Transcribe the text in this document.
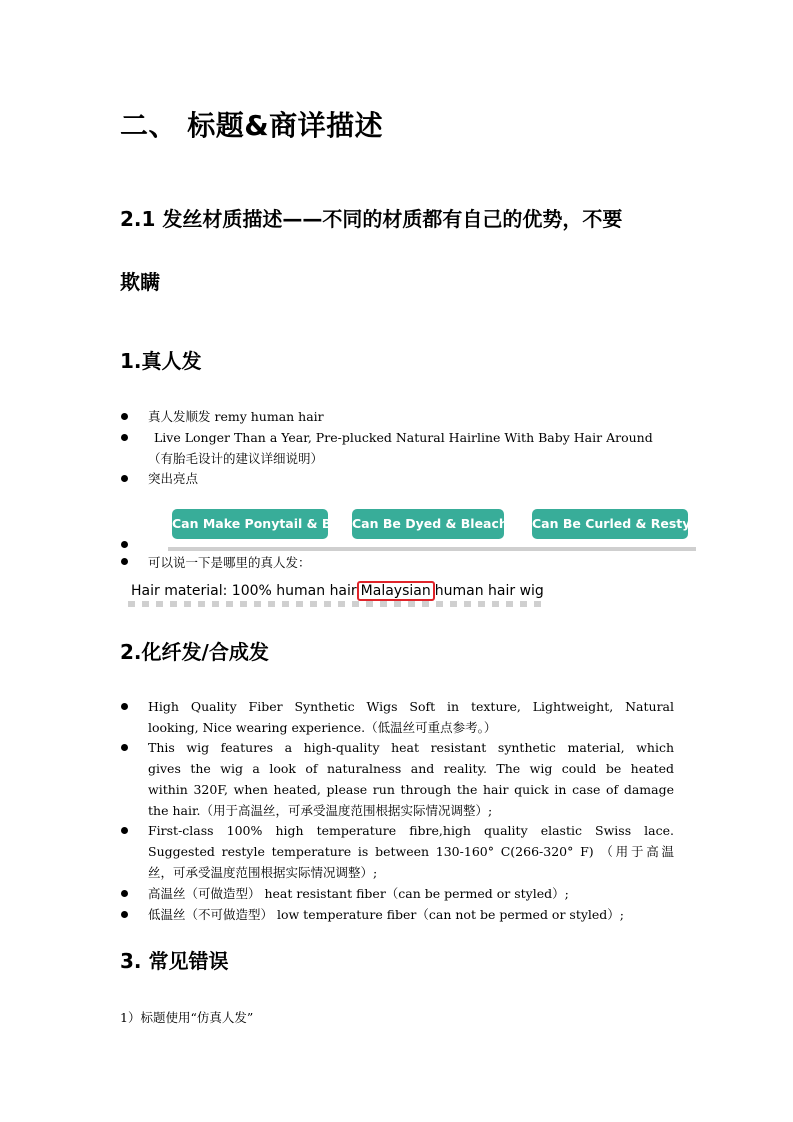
二、 标题&商详描述
2.1 发丝材质描述——不同的材质都有自己的优势，不要
欺瞒
1.真人发
真人发顺发 remy human hair
Live Longer Than a Year, Pre-plucked Natural Hairline With Baby Hair Around
（有胎毛设计的建议详细说明）
突出亮点
Can Make Ponytail & Bun Can Be Dyed & Bleached Can Be Curled & Restyle
可以说一下是哪里的真人发：
Hair material: 100% human hair Malaysian human hair wig
2.化纤发/合成发
High Quality Fiber Synthetic Wigs Soft in texture, Lightweight, Natural
looking, Nice wearing experience.（低温丝可重点参考。）
This wig features a high-quality heat resistant synthetic material, which
gives the wig a look of naturalness and reality. The wig could be heated
within 320F, when heated, please run through the hair quick in case of damage
the hair.（用于高温丝，可承受温度范围根据实际情况调整）;
First-class 100% high temperature fibre,high quality elastic Swiss lace.
Suggested restyle temperature is between 130-160° C(266-320° F) （用于高温
丝，可承受温度范围根据实际情况调整）;
高温丝（可做造型） heat resistant fiber（can be permed or styled）;
低温丝（不可做造型） low temperature fiber（can not be permed or styled）;
3. 常见错误
1）标题使用“仿真人发”
